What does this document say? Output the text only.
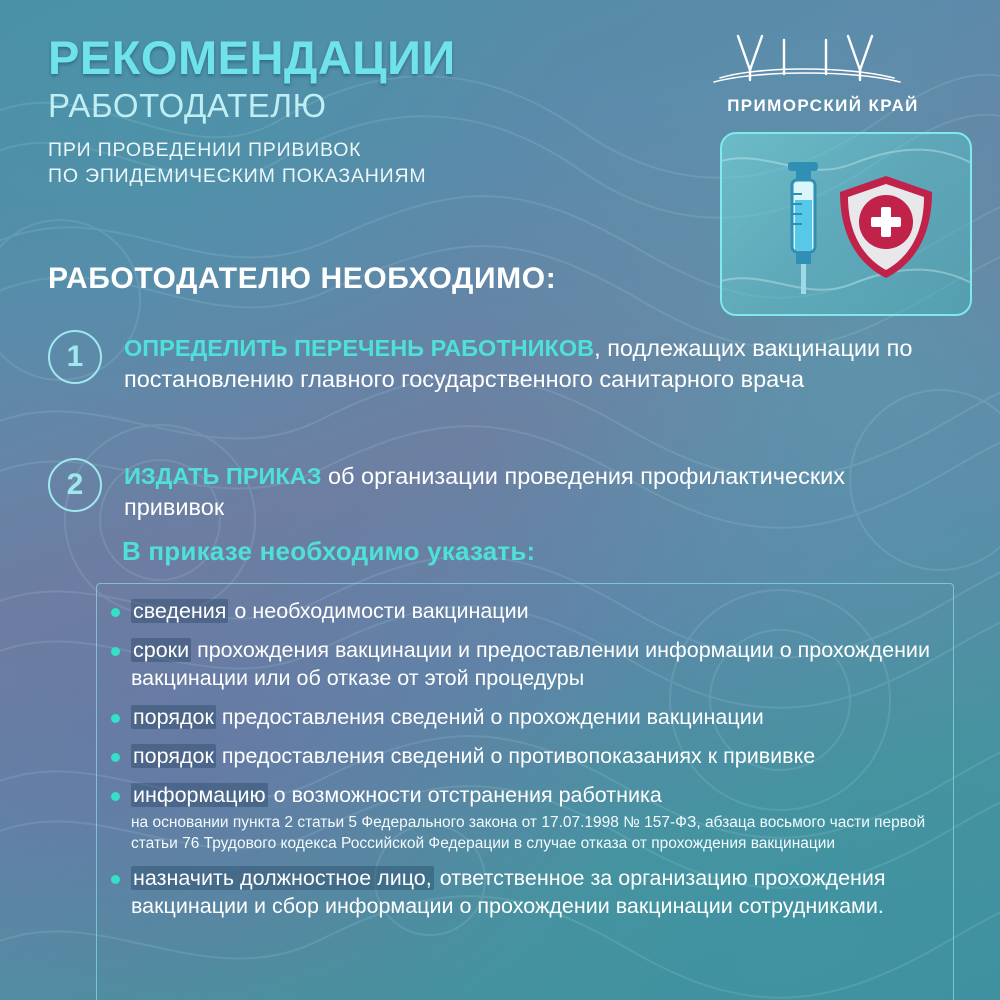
РЕКОМЕНДАЦИИ
РАБОТОДАТЕЛЮ
ПРИ ПРОВЕДЕНИИ ПРИВИВОК
ПО ЭПИДЕМИЧЕСКИМ ПОКАЗАНИЯМ
ПРИМОРСКИЙ КРАЙ
РАБОТОДАТЕЛЮ НЕОБХОДИМО:
1	ОПРЕДЕЛИТЬ ПЕРЕЧЕНЬ РАБОТНИКОВ, подлежащих вакцинации по постановлению главного государственного санитарного врача
2	ИЗДАТЬ ПРИКАЗ об организации проведения профилактических прививок
В приказе необходимо указать:
сведения о необходимости вакцинации
сроки прохождения вакцинации и предоставлении информации о прохождении вакцинации или об отказе от этой процедуры
порядок предоставления сведений о прохождении вакцинации
порядок предоставления сведений о противопоказаниях к прививке
информацию о возможности отстранения работника
на основании пункта 2 статьи 5 Федерального закона от 17.07.1998 № 157-ФЗ, абзаца восьмого части первой статьи 76 Трудового кодекса Российской Федерации в случае отказа от прохождения вакцинации
назначить должностное лицо, ответственное за организацию прохождения вакцинации и сбор информации о прохождении вакцинации сотрудниками.
